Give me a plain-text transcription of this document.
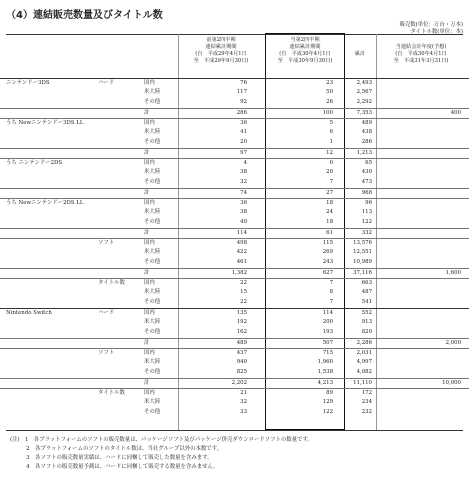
（4）連結販売数量及びタイトル数
販売数(単位：万台・万本)
タイトル数(単位：本)
前第2四半期
連結累計期間
(自　平成29年4月1日
至　平成29年9月30日)
当第2四半期
連結累計期間
(自　平成30年4月1日
至　平成30年9月30日)
累計
当連結会計年度(予想)
(自　平成30年4月1日
至　平成31年3月31日)
ニンテンドー3DS	ハード	国内	76	23	2,493
米大陸	117	50	2,567
その他	92	26	2,292
計	286	100	7,353	400
うち Newニンテンドー3DS LL	国内	36	5	489
米大陸	41	6	438
その他	20	1	286
計	97	12	1,213
うち ニンテンドー2DS	国内	4	0	65
米大陸	38	20	430
その他	32	7	473
計	74	27	968
うち Newニンテンドー2DS LL	国内	36	18	96
米大陸	38	24	113
その他	40	18	122
計	114	61	332
ソフト	国内	498	115	13,576
米大陸	422	269	12,551
その他	461	243	10,989
計	1,382	627	37,116	1,600
タイトル数	国内	22	7	663
米大陸	15	8	487
その他	22	7	541
Nintendo Switch	ハード	国内	135	114	552
米大陸	192	200	913
その他	162	193	820
計	489	507	2,286	2,000
ソフト	国内	437	715	2,031
米大陸	940	1,960	4,997
その他	825	1,538	4,082
計	2,202	4,213	11,110	10,000
タイトル数	国内	21	89	172
米大陸	32	129	234
その他	33	122	232
(注)　1　各プラットフォームのソフトの販売数量は、パッケージソフト及びパッケージ併売ダウンロードソフトの数量です。
　　　2　各プラットフォームのソフトのタイトル数は、当社グループ以外の本数です。
　　　3　各ソフトの販売数量実績は、ハードに同梱して販売した数量を含みます。
　　　4　各ソフトの販売数量予測は、ハードに同梱して販売する数量を含みません。
